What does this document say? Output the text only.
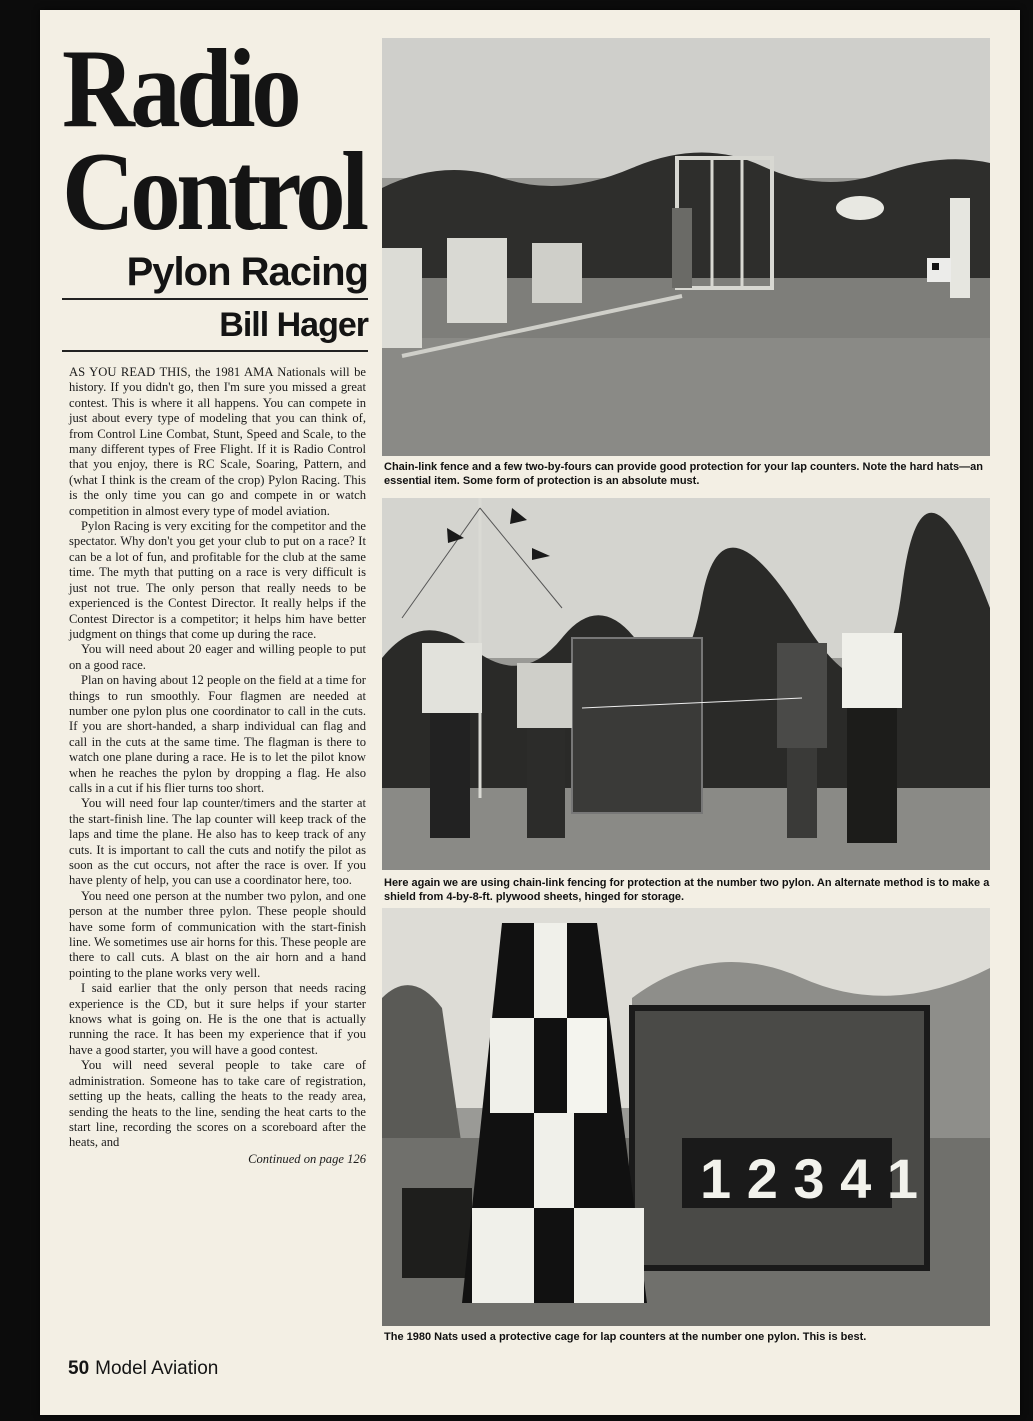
Radio
Control
Pylon Racing
Bill Hager

AS YOU READ THIS, the 1981 AMA Nationals will be history. If you didn't go, then I'm sure you missed a great contest. This is where it all happens. You can compete in just about every type of modeling that you can think of, from Control Line Combat, Stunt, Speed and Scale, to the many different types of Free Flight. If it is Radio Control that you enjoy, there is RC Scale, Soaring, Pattern, and (what I think is the cream of the crop) Pylon Racing. This is the only time you can go and compete in or watch competition in almost every type of model aviation.

Pylon Racing is very exciting for the competitor and the spectator. Why don't you get your club to put on a race? It can be a lot of fun, and profitable for the club at the same time. The myth that putting on a race is very difficult is just not true. The only person that really needs to be experienced is the Contest Director. It really helps if the Contest Director is a competitor; it helps him have better judgment on things that come up during the race.

You will need about 20 eager and willing people to put on a good race.

Plan on having about 12 people on the field at a time for things to run smoothly. Four flagmen are needed at number one pylon plus one coordinator to call in the cuts. If you are short-handed, a sharp individual can flag and call in the cuts at the same time. The flagman is there to watch one plane during a race. He is to let the pilot know when he reaches the pylon by dropping a flag. He also calls in a cut if his flier turns too short.

You will need four lap counter/timers and the starter at the start-finish line. The lap counter will keep track of the laps and time the plane. He also has to keep track of any cuts. It is important to call the cuts and notify the pilot as soon as the cut occurs, not after the race is over. If you have plenty of help, you can use a coordinator here, too.

You need one person at the number two pylon, and one person at the number three pylon. These people should have some form of communication with the start-finish line. We sometimes use air horns for this. These people are there to call cuts. A blast on the air horn and a hand pointing to the plane works very well.

I said earlier that the only person that needs racing experience is the CD, but it sure helps if your starter knows what is going on. He is the one that is actually running the race. It has been my experience that if you have a good starter, you will have a good contest.

You will need several people to take care of administration. Someone has to take care of registration, setting up the heats, calling the heats to the ready area, sending the heats to the line, sending the heat carts to the start line, recording the scores on a scoreboard after the heats, and

Continued on page 126
50 Model Aviation
Chain-link fence and a few two-by-fours can provide good protection for your lap counters. Note the hard hats—an essential item. Some form of protection is an absolute must.
Here again we are using chain-link fencing for protection at the number two pylon. An alternate method is to make a shield from 4-by-8-ft. plywood sheets, hinged for storage.
1 2 3 4 1
The 1980 Nats used a protective cage for lap counters at the number one pylon. This is best.
